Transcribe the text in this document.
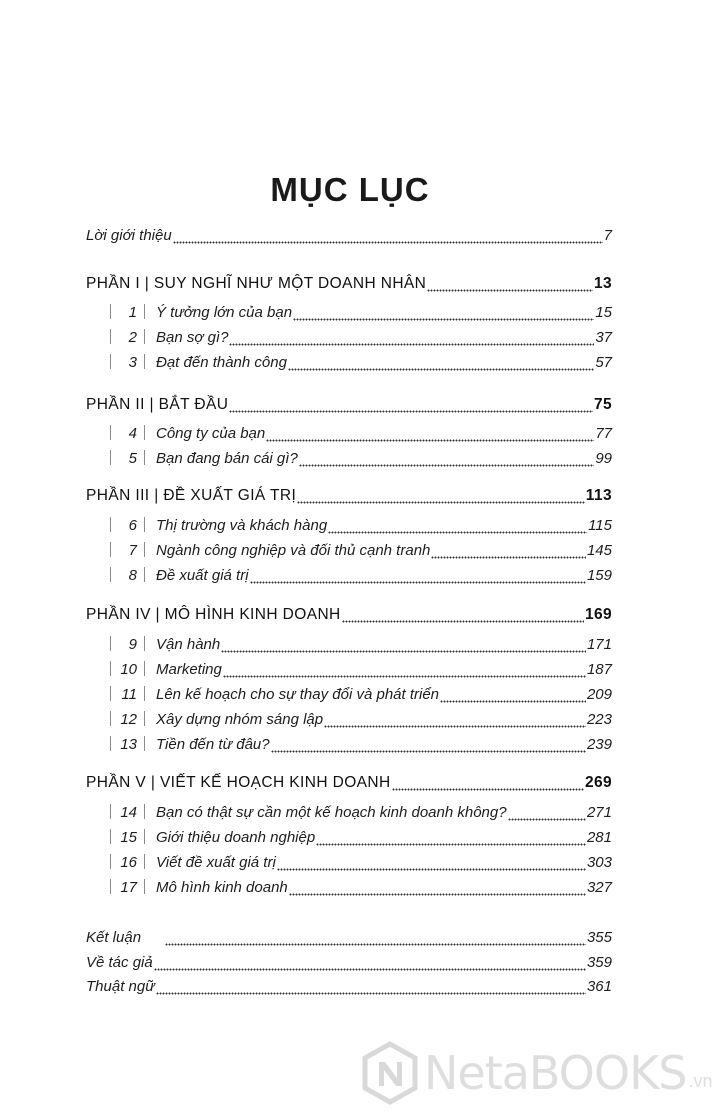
MỤC LỤC
Lời giới thiệu	7
PHẦN I | SUY NGHĨ NHƯ MỘT DOANH NHÂN	13
1	Ý tưởng lớn của bạn	15
2	Bạn sợ gì?	37
3	Đạt đến thành công	57
PHẦN II | BẮT ĐẦU	75
4	Công ty của bạn	77
5	Bạn đang bán cái gì?	99
PHẦN III | ĐỀ XUẤT GIÁ TRỊ	113
6	Thị trường và khách hàng	115
7	Ngành công nghiệp và đối thủ cạnh tranh	145
8	Đề xuất giá trị	159
PHẦN IV | MÔ HÌNH KINH DOANH	169
9	Vận hành	171
10	Marketing	187
11	Lên kế hoạch cho sự thay đổi và phát triển	209
12	Xây dựng nhóm sáng lập	223
13	Tiền đến từ đâu?	239
PHẦN V | VIẾT KẾ HOẠCH KINH DOANH	269
14	Bạn có thật sự cần một kế hoạch kinh doanh không?	271
15	Giới thiệu doanh nghiệp	281
16	Viết đề xuất giá trị	303
17	Mô hình kinh doanh	327
Kết luận	355
Về tác giả	359
Thuật ngữ	361
NetaBOOKS .vn
